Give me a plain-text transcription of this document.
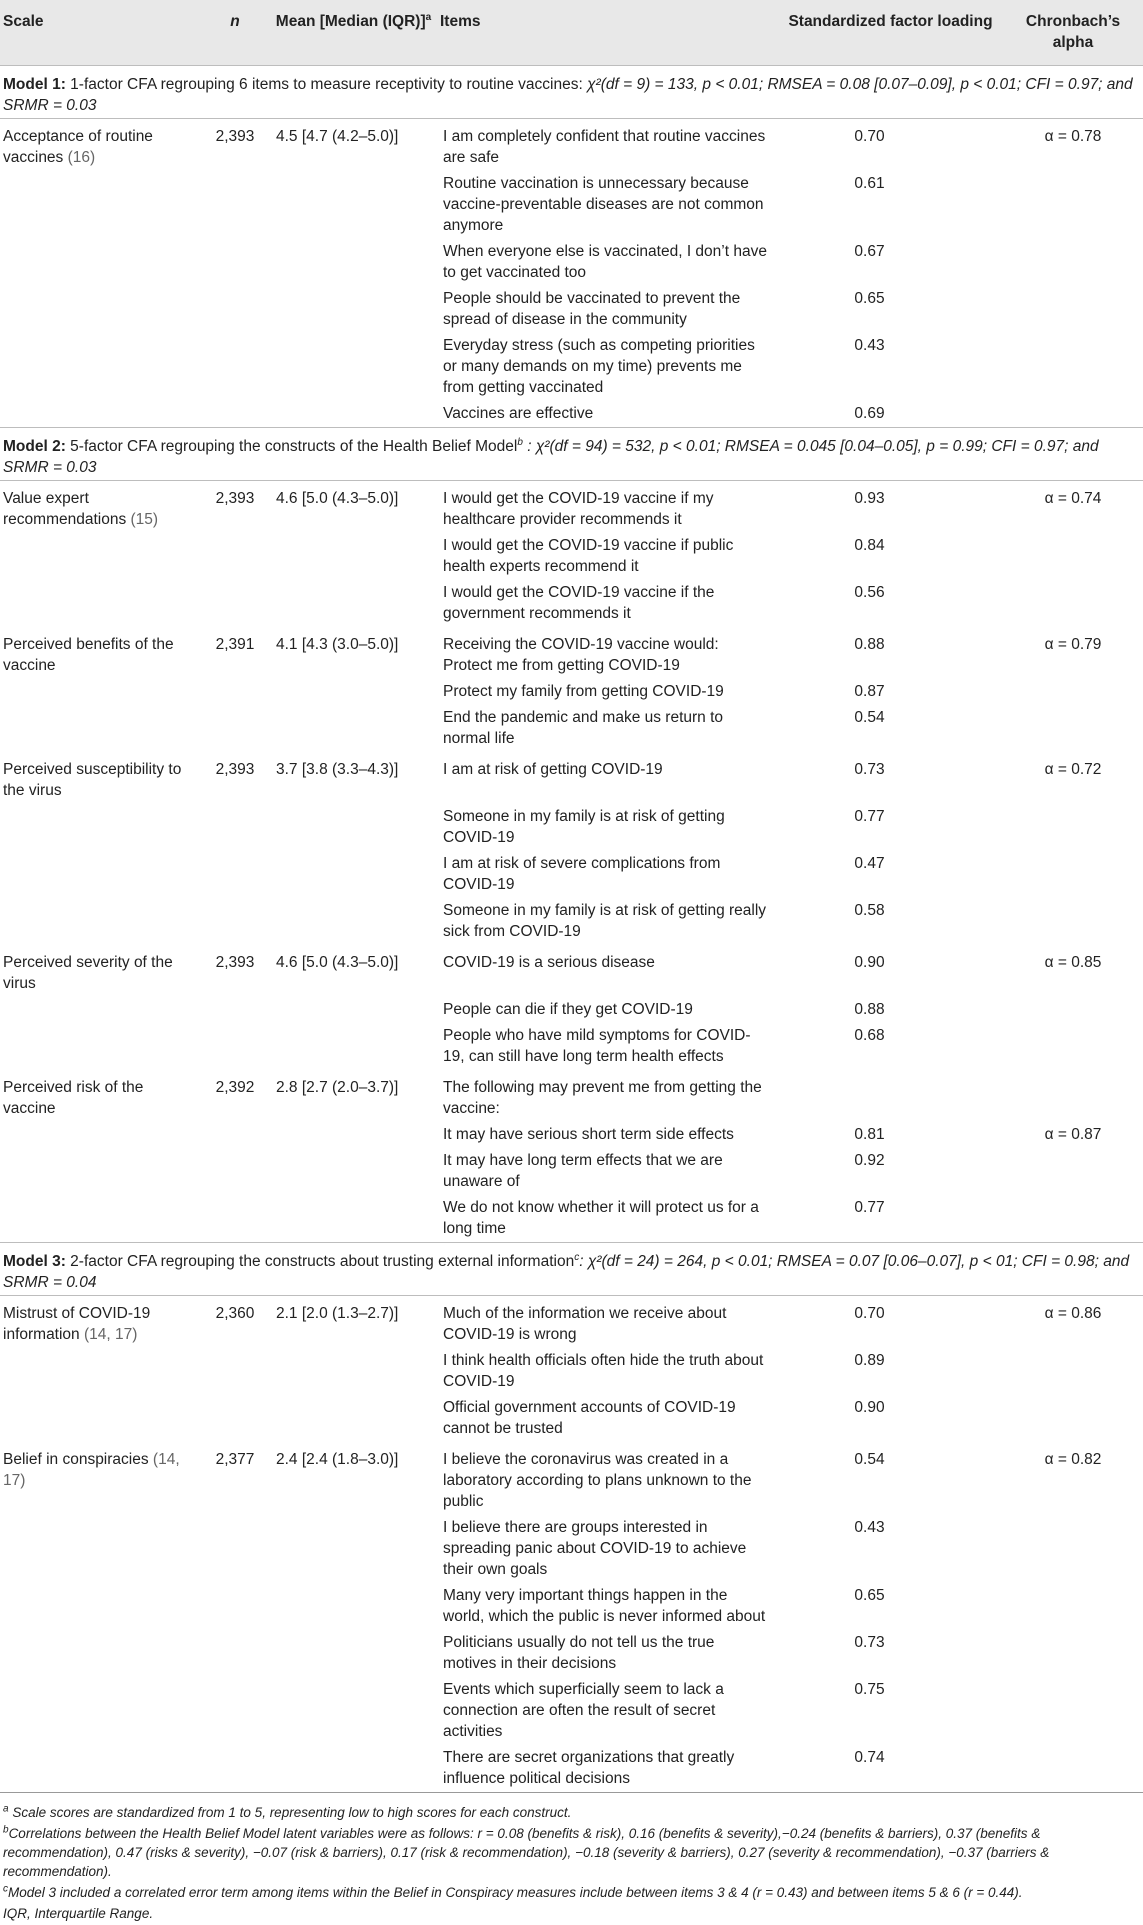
Scale	n	Mean [Median (IQR)]$^a$	Items	Standardized factor loading	Chronbach’s alpha
Model 1: 1-factor CFA regrouping 6 items to measure receptivity to routine vaccines: χ²(df = 9) = 133, p < 0.01; RMSEA = 0.08 [0.07–0.09], p < 0.01; CFI = 0.97; and SRMR = 0.03					
Acceptance of routine vaccines (16)	2,393	4.5 [4.7 (4.2–5.0)]	I am completely confident that routine vaccines are safe	0.70	α = 0.78
			Routine vaccination is unnecessary because vaccine-preventable diseases are not common anymore	0.61	
			When everyone else is vaccinated, I don’t have to get vaccinated too	0.67	
			People should be vaccinated to prevent the spread of disease in the community	0.65	
			Everyday stress (such as competing priorities or many demands on my time) prevents me from getting vaccinated	0.43	
			Vaccines are effective	0.69	
Model 2: 5-factor CFA regrouping the constructs of the Health Belief Model$^b$ : χ²(df = 94) = 532, p < 0.01; RMSEA = 0.045 [0.04–0.05], p = 0.99; CFI = 0.97; and SRMR = 0.03					
Value expert recommendations (15)	2,393	4.6 [5.0 (4.3–5.0)]	I would get the COVID-19 vaccine if my healthcare provider recommends it	0.93	α = 0.74
			I would get the COVID-19 vaccine if public health experts recommend it	0.84	
			I would get the COVID-19 vaccine if the government recommends it	0.56	
Perceived benefits of the vaccine	2,391	4.1 [4.3 (3.0–5.0)]	Receiving the COVID-19 vaccine would: Protect me from getting COVID-19	0.88	α = 0.79
			Protect my family from getting COVID-19	0.87	
			End the pandemic and make us return to normal life	0.54	
Perceived susceptibility to the virus	2,393	3.7 [3.8 (3.3–4.3)]	I am at risk of getting COVID-19	0.73	α = 0.72
			Someone in my family is at risk of getting COVID-19	0.77	
			I am at risk of severe complications from COVID-19	0.47	
			Someone in my family is at risk of getting really sick from COVID-19	0.58	
Perceived severity of the virus	2,393	4.6 [5.0 (4.3–5.0)]	COVID-19 is a serious disease	0.90	α = 0.85
			People can die if they get COVID-19	0.88	
			People who have mild symptoms for COVID-19, can still have long term health effects	0.68	
Perceived risk of the vaccine	2,392	2.8 [2.7 (2.0–3.7)]	The following may prevent me from getting the vaccine:		
			It may have serious short term side effects	0.81	α = 0.87
			It may have long term effects that we are unaware of	0.92	
			We do not know whether it will protect us for a long time	0.77	
Model 3: 2-factor CFA regrouping the constructs about trusting external information$^c$: χ²(df = 24) = 264, p < 0.01; RMSEA = 0.07 [0.06–0.07], p < 01; CFI = 0.98; and SRMR = 0.04					
Mistrust of COVID-19 information (14, 17)	2,360	2.1 [2.0 (1.3–2.7)]	Much of the information we receive about COVID-19 is wrong	0.70	α = 0.86
			I think health officials often hide the truth about COVID-19	0.89	
			Official government accounts of COVID-19 cannot be trusted	0.90	
Belief in conspiracies (14, 17)	2,377	2.4 [2.4 (1.8–3.0)]	I believe the coronavirus was created in a laboratory according to plans unknown to the public	0.54	α = 0.82
			I believe there are groups interested in spreading panic about COVID-19 to achieve their own goals	0.43	
			Many very important things happen in the world, which the public is never informed about	0.65	
			Politicians usually do not tell us the true motives in their decisions	0.73	
			Events which superficially seem to lack a connection are often the result of secret activities	0.75	
			There are secret organizations that greatly influence political decisions	0.74	

$^a$ Scale scores are standardized from 1 to 5, representing low to high scores for each construct.

$^b$Correlations between the Health Belief Model latent variables were as follows: r = 0.08 (benefits & risk), 0.16 (benefits & severity),−0.24 (benefits & barriers), 0.37 (benefits & recommendation), 0.47 (risks & severity), −0.07 (risk & barriers), 0.17 (risk & recommendation), −0.18 (severity & barriers), 0.27 (severity & recommendation), −0.37 (barriers & recommendation).

$^c$Model 3 included a correlated error term among items within the Belief in Conspiracy measures include between items 3 & 4 (r = 0.43) and between items 5 & 6 (r = 0.44).

IQR, Interquartile Range.					
